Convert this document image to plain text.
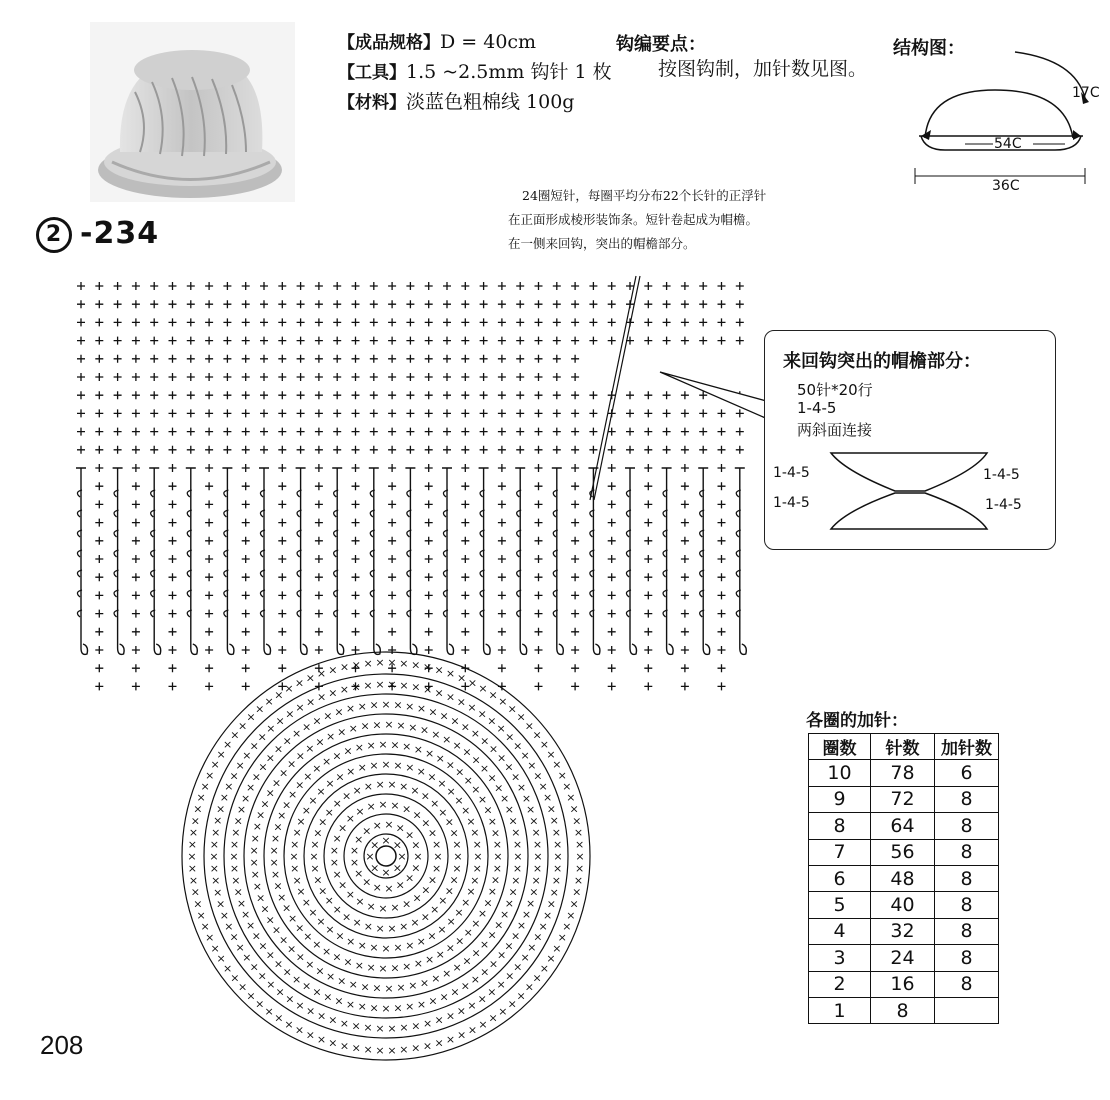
【成品规格】D = 40cm
【工具】1.5 ~2.5mm 钩针 1 枚
【材料】淡蓝色粗棉线 100g
钩编要点：
按图钩制，加针数见图。
结构图：
17C
54C
36C
2 -234
24圈短针，每圈平均分布22个长针的正浮针
在正面形成棱形装饰条。短针卷起成为帽檐。
在一侧来回钩，突出的帽檐部分。
×
×
×
×
×
× × ×
×
×
×
×
×
×
×
×
×
×
×
× × × ×
×
×
×
×
×
×
×
×
×
×
×
×
×
×
×
×
×
×
×
×
× × × × × ×
×
×
×
×
×
×
×
×
×
×
×
×
×
×
×
×
×
×
×
×
×
×
×
×
×
×
×
×
× × × × × × × ×
×
×
×
×
×
×
×
×
×
×
×
×
×
×
×
×
×
×
×
×
×
×
×
×
×
×
×
×
×
×
×
×
×
×
×
×
×
× × × × × × × × ×
×
×
×
×
×
×
×
×
×
×
×
×
×
×
×
×
×
×
×
×
×
×
×
×
×
×
×
×
×
×
×
×
×
×
×
×
×
×
×
×
×
×
×
×
×
×
× × × × × × × × × × × ×
×
×
×
×
×
×
×
×
×
×
×
×
×
×
×
×
×
×
×
×
×
×
×
×
×
×
×
×
×
×
×
×
×
×
×
×
×
×
×
×
×
×
×
×
×
×
×
×
×
×
×
×
×
× × × × × × × × × × × × × ×
×
×
×
×
×
×
×
×
×
×
×
×
×
×
×
×
×
×
×
×
×
×
×
×
×
×
×
×
×
×
×
×
×
×
×
×
×
×
×
×
×
×
×
×
×
×
×
×
×
×
×
×
×
×
×
×
×
×
×
×
×
×
×
× × × × × × × × × × × × × × ×
×
×
×
×
×
×
×
×
×
×
×
×
×
×
×
×
×
×
×
×
×
×
×
×
×
×
×
×
×
×
×
×
×
×
×
×
×
×
×
×
×
×
×
×
×
×
×
×
×
×
×
×
×
×
×
×
×
×
×
×
×
×
×
×
×
×
×
×
×
×
×
× × × × × × × × × × × × × × × × × ×
×
×
×
×
×
×
×
×
×
×
×
×
×
×
×
×
×
×
×
×
×
×
×
×
×
×
×
×
×
×
×
×
×
×
×
×
×
×
×
×
×
×
×
×
×
×
×
×
×
×
×
×
×
×
×
×
×
×
×
×
×
×
×
×
×
×
×
×
×
×
×
×
×
×
×
×
×
×
×
×
× × × × × × × × × × × × × × × × × × × ×
×
×
×
×
×
×
×
×
×
×
×
×
×
×
×
来回钩突出的帽檐部分：
50针*20行
1-4-5
两斜面连接
1-4-5	1-4-5
1-4-5	1-4-5
各圈的加针：
圈数	针数	加针数
10	78	6
9	72	8
8	64	8
7	56	8
6	48	8
5	40	8
4	32	8
3	24	8
2	16	8
1	8	
208
